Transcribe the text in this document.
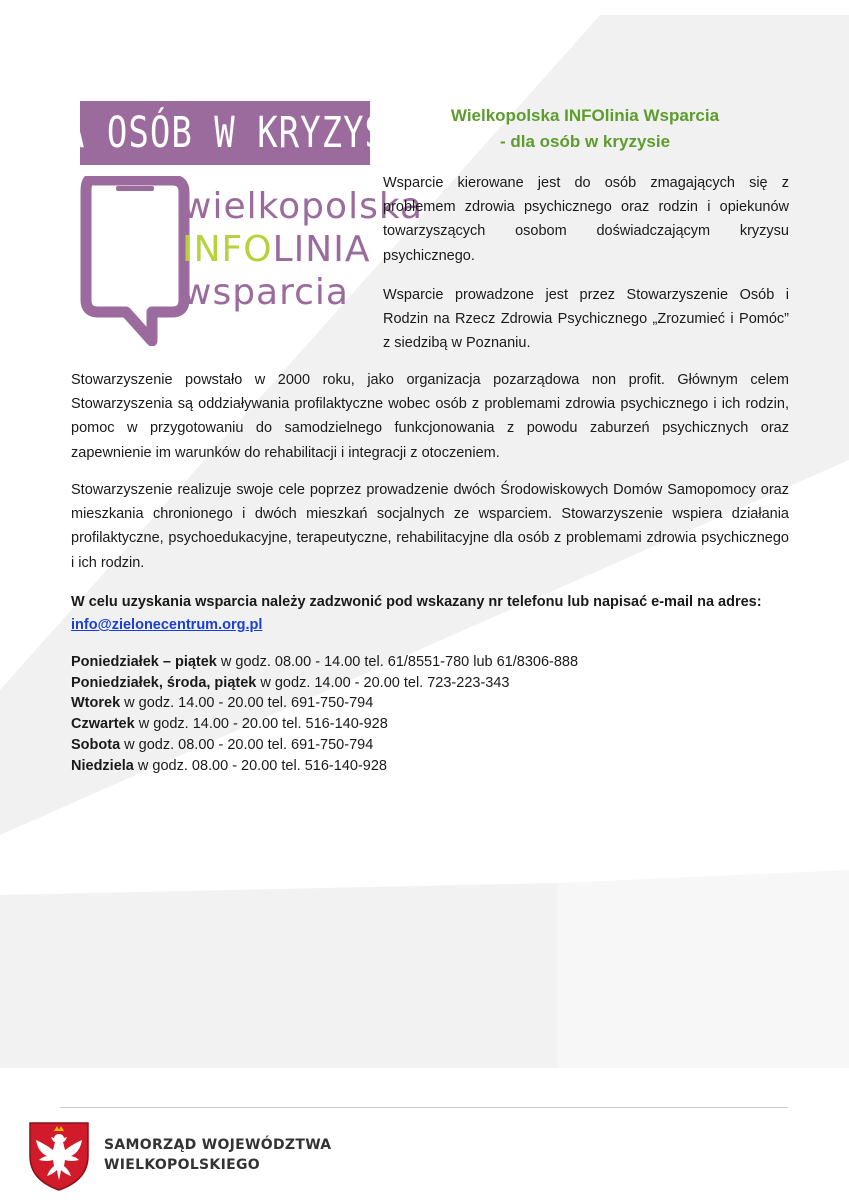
DLA OSÓB W KRYZYSIE
wielkopolska
INFOLINIA
wsparcia
Wielkopolska INFOlinia Wsparcia
- dla osób w kryzysie

Wsparcie kierowane jest do osób zmagających się z problemem zdrowia psychicznego oraz rodzin i opiekunów towarzyszących osobom doświadczającym kryzysu psychicznego.

Wsparcie prowadzone jest przez Stowarzyszenie Osób i Rodzin na Rzecz Zdrowia Psychicznego „Zrozumieć i Pomóc” z siedzibą w Poznaniu.

Stowarzyszenie powstało w 2000 roku, jako organizacja pozarządowa non profit. Głównym celem Stowarzyszenia są oddziaływania profilaktyczne wobec osób z problemami zdrowia psychicznego i ich rodzin, pomoc w przygotowaniu do samodzielnego funkcjonowania z powodu zaburzeń psychicznych oraz zapewnienie im warunków do rehabilitacji i integracji z otoczeniem.

Stowarzyszenie realizuje swoje cele poprzez prowadzenie dwóch Środowiskowych Domów Samopomocy oraz mieszkania chronionego i dwóch mieszkań socjalnych ze wsparciem. Stowarzyszenie wspiera działania profilaktyczne, psychoedukacyjne, terapeutyczne, rehabilitacyjne dla osób z problemami zdrowia psychicznego i ich rodzin.

W celu uzyskania wsparcia należy zadzwonić pod wskazany nr telefonu lub napisać e-mail na adres:
info@zielonecentrum.org.pl
Poniedziałek – piątek w godz. 08.00 - 14.00 tel. 61/8551-780 lub 61/8306-888
Poniedziałek, środa, piątek w godz. 14.00 - 20.00 tel. 723-223-343
Wtorek w godz. 14.00 - 20.00 tel. 691-750-794
Czwartek w godz. 14.00 - 20.00 tel. 516-140-928
Sobota w godz. 08.00 - 20.00 tel. 691-750-794
Niedziela w godz. 08.00 - 20.00 tel. 516-140-928
SAMORZĄD WOJEWÓDZTWA
WIELKOPOLSKIEGO
